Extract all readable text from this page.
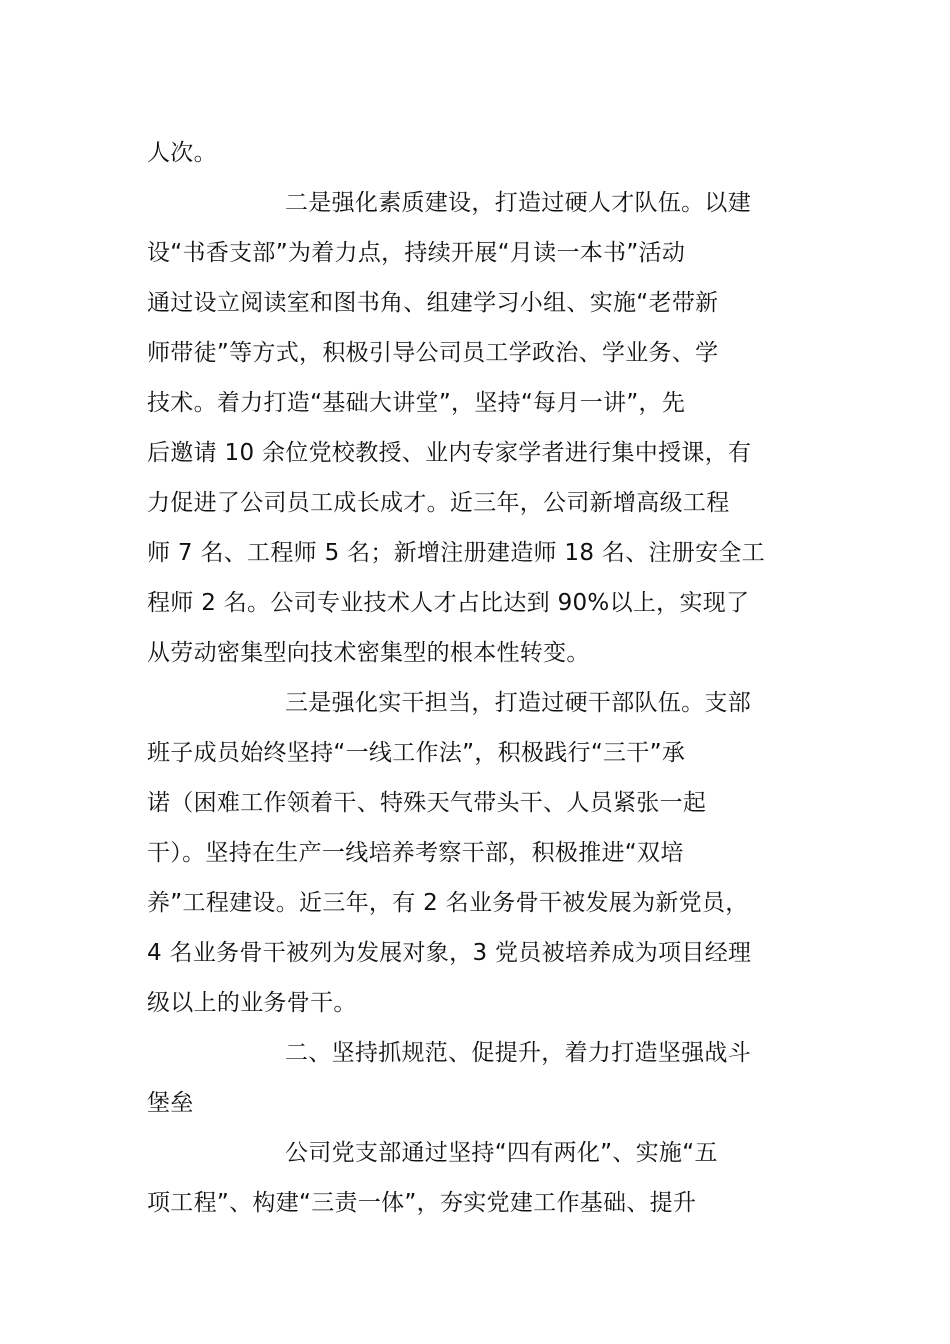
人次。
二是强化素质建设，打造过硬人才队伍。以建
设“书香支部”为着力点，持续开展“月读一本书”活动
通过设立阅读室和图书角、组建学习小组、实施“老带新
师带徒”等方式，积极引导公司员工学政治、学业务、学
技术。着力打造“基础大讲堂”，坚持“每月一讲”，先
后邀请 10 余位党校教授、业内专家学者进行集中授课，有
力促进了公司员工成长成才。近三年，公司新增高级工程
师 7 名、工程师 5 名；新增注册建造师 18 名、注册安全工
程师 2 名。公司专业技术人才占比达到 90%以上，实现了
从劳动密集型向技术密集型的根本性转变。
三是强化实干担当，打造过硬干部队伍。支部
班子成员始终坚持“一线工作法”，积极践行“三干”承
诺（困难工作领着干、特殊天气带头干、人员紧张一起
干）。坚持在生产一线培养考察干部，积极推进“双培
养”工程建设。近三年，有 2 名业务骨干被发展为新党员，
4 名业务骨干被列为发展对象，3 党员被培养成为项目经理
级以上的业务骨干。
二、坚持抓规范、促提升，着力打造坚强战斗
堡垒
公司党支部通过坚持“四有两化”、实施“五
项工程”、构建“三责一体”，夯实党建工作基础、提升
